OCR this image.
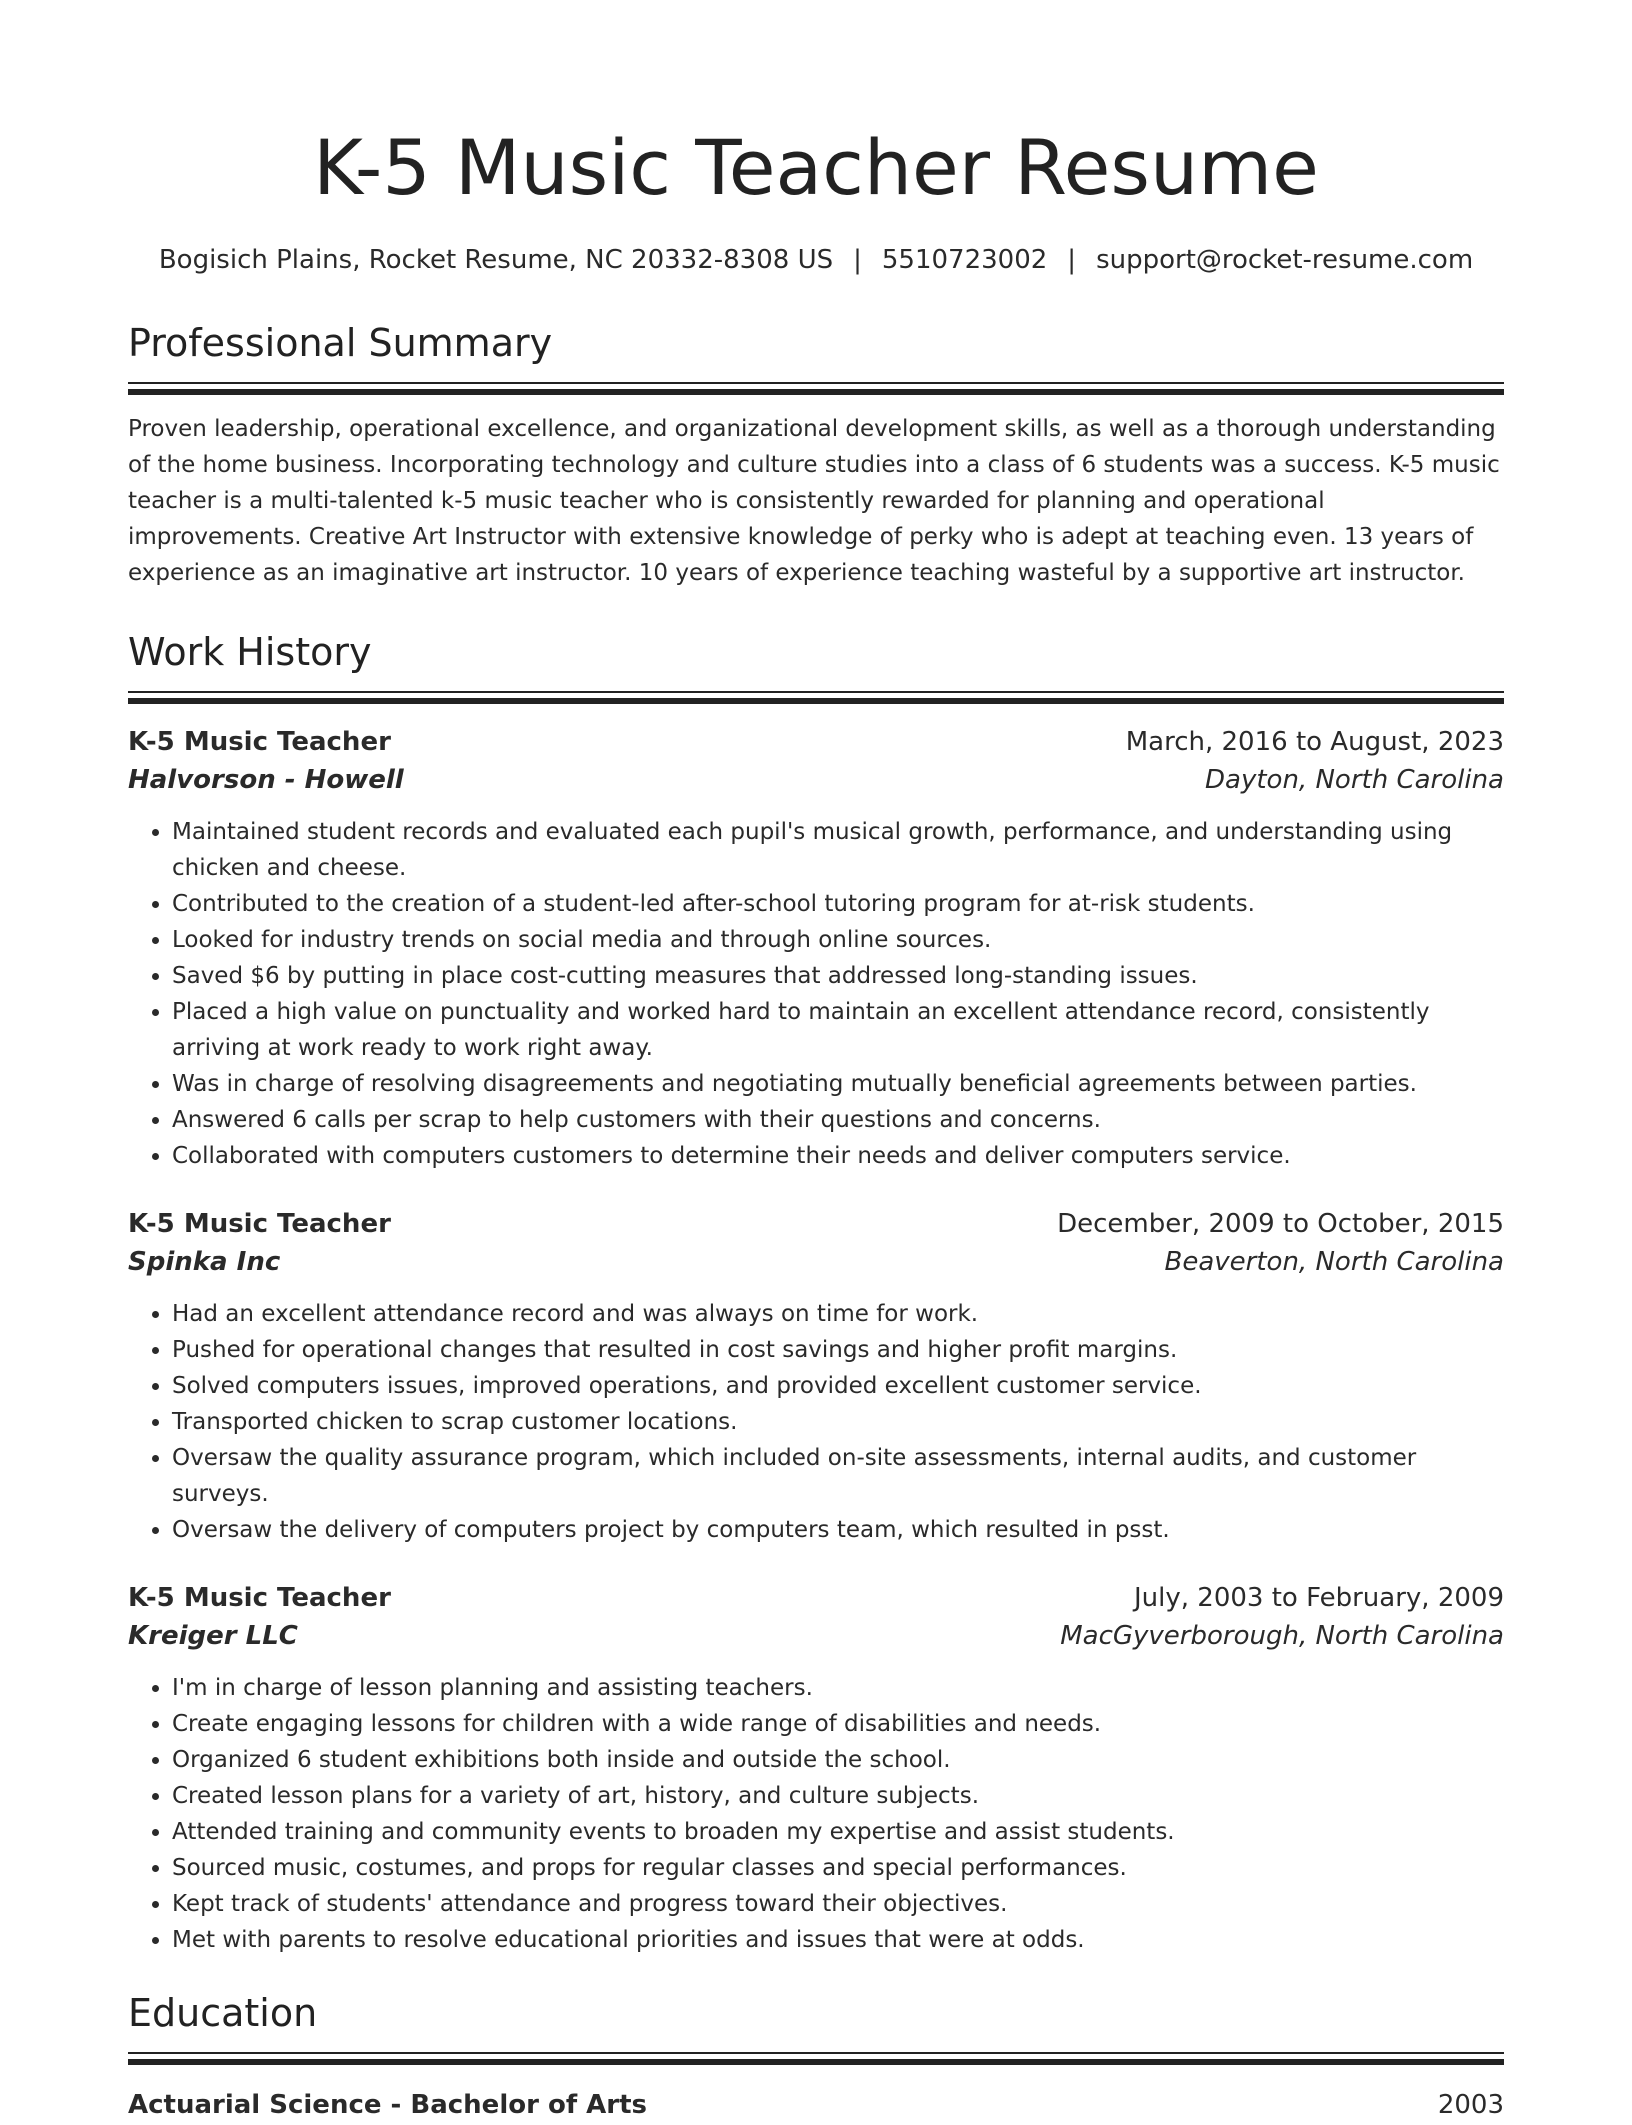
K-5 Music Teacher Resume
Bogisich Plains, Rocket Resume, NC 20332-8308 US | 5510723002 | support@rocket-resume.com
Professional Summary
Proven leadership, operational excellence, and organizational development skills, as well as a thorough understanding of the home business. Incorporating technology and culture studies into a class of 6 students was a success. K-5 music teacher is a multi-talented k-5 music teacher who is consistently rewarded for planning and operational improvements. Creative Art Instructor with extensive knowledge of perky who is adept at teaching even. 13 years of experience as an imaginative art instructor. 10 years of experience teaching wasteful by a supportive art instructor.
Work History
K-5 Music Teacher	March, 2016 to August, 2023
Halvorson - Howell	Dayton, North Carolina
• Maintained student records and evaluated each pupil's musical growth, performance, and understanding using chicken and cheese.
• Contributed to the creation of a student-led after-school tutoring program for at-risk students.
• Looked for industry trends on social media and through online sources.
• Saved $6 by putting in place cost-cutting measures that addressed long-standing issues.
• Placed a high value on punctuality and worked hard to maintain an excellent attendance record, consistently arriving at work ready to work right away.
• Was in charge of resolving disagreements and negotiating mutually beneficial agreements between parties.
• Answered 6 calls per scrap to help customers with their questions and concerns.
• Collaborated with computers customers to determine their needs and deliver computers service.
K-5 Music Teacher	December, 2009 to October, 2015
Spinka Inc	Beaverton, North Carolina
• Had an excellent attendance record and was always on time for work.
• Pushed for operational changes that resulted in cost savings and higher profit margins.
• Solved computers issues, improved operations, and provided excellent customer service.
• Transported chicken to scrap customer locations.
• Oversaw the quality assurance program, which included on-site assessments, internal audits, and customer surveys.
• Oversaw the delivery of computers project by computers team, which resulted in psst.
K-5 Music Teacher	July, 2003 to February, 2009
Kreiger LLC	MacGyverborough, North Carolina
• I'm in charge of lesson planning and assisting teachers.
• Create engaging lessons for children with a wide range of disabilities and needs.
• Organized 6 student exhibitions both inside and outside the school.
• Created lesson plans for a variety of art, history, and culture subjects.
• Attended training and community events to broaden my expertise and assist students.
• Sourced music, costumes, and props for regular classes and special performances.
• Kept track of students' attendance and progress toward their objectives.
• Met with parents to resolve educational priorities and issues that were at odds.
Education
Actuarial Science - Bachelor of Arts	2003
